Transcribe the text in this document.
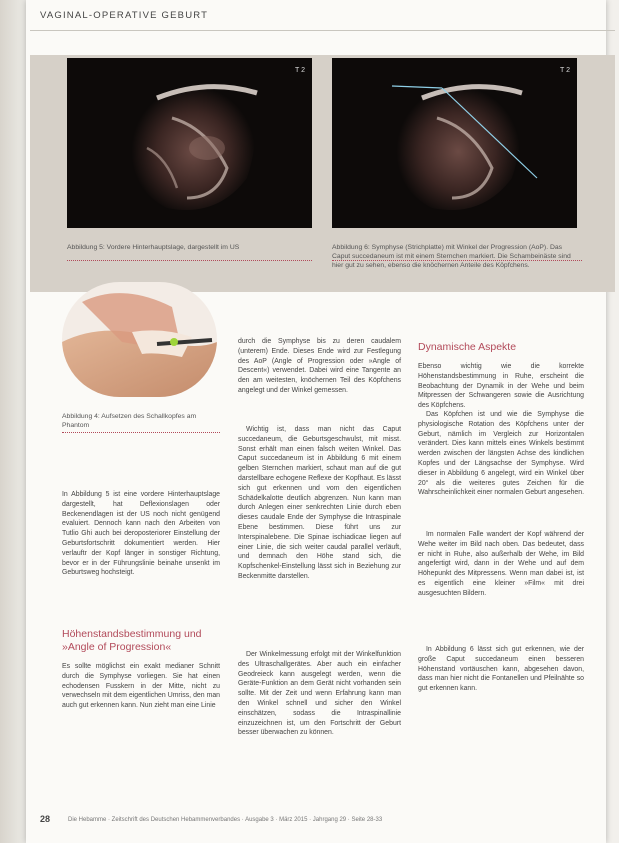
VAGINAL-OPERATIVE GEBURT
T 2	T 2
Abbildung 5: Vordere Hinterhauptslage, dargestellt im US	Abbildung 6: Symphyse (Strichplatte) mit Winkel der Progression (AoP). Das Caput succedaneum ist mit einem Sternchen markiert. Die Schambeinäste sind hier gut zu sehen, ebenso die knöchernen Anteile des Köpfchens.
Abbildung 4: Aufsetzen des Schallkopfes am Phantom
In Abbildung 5 ist eine vordere Hinterhauptslage dargestellt, hat Deflexionslagen oder Beckenendlagen ist der US noch nicht genügend evaluiert. Dennoch kann nach den Arbeiten von Tutlio Ghi auch bei deroposteriorer Einstellung der Geburtsfortschritt dokumentiert werden. Hier verlauftr der Kopf länger in sonstiger Richtung, bevor er in der Führungslinie beinahe unsenkt im Geburtsweg hochsteigt.
Höhenstandsbestimmung und »Angle of Progression«
Es sollte möglichst ein exakt medianer Schnitt durch die Symphyse vorliegen. Sie hat einen echodensen Fusskern in der Mitte, nicht zu verwechseln mit dem eigentlichen Umriss, den man auch gut erkennen kann. Nun zieht man eine Linie
durch die Symphyse bis zu deren caudalem (unterem) Ende. Dieses Ende wird zur Festlegung des AoP (Angle of Progression oder »Angle of Descent«) verwendet. Dabei wird eine Tangente an den am weitesten, knöchernen Teil des Köpfchens angelegt und der Winkel gemessen.
Wichtig ist, dass man nicht das Caput succedaneum, die Geburtsgeschwulst, mit misst. Sonst erhält man einen falsch weiten Winkel. Das Caput succedaneum ist in Abbildung 6 mit einem gelben Sternchen markiert, schaut man auf die gut darstellbare echogene Reflexe der Kopfhaut. Es lässt sich gut erkennen und vom den eigentlichen Schädelkalotte deutlich abgrenzen. Nun kann man durch Anlegen einer senkrechten Linie durch eben dieses caudale Ende der Symphyse die Intraspinale Ebene bestimmen. Diese führt uns zur Interspinalebene. Die Spinae ischiadicae liegen auf einer Linie, die sich weiter caudal parallel verläuft, und demnach den Höhe stand sich, die Kopfschenkel-Einstellung lässt sich in Beziehung zur Beckenmitte darstellen.
Der Winkelmessung erfolgt mit der Winkelfunktion des Ultraschallgerätes. Aber auch ein einfacher Geodreieck kann ausgelegt werden, wenn die Geräte-Funktion an dem Gerät nicht vorhanden sein sollte. Mit der Zeit und wenn Erfahrung kann man den Winkel schnell und sicher den Winkel einschätzen, sodass die Intraspinallinie einzuzeichnen ist, um den Fortschritt der Geburt besser überwachen zu können.
Dynamische Aspekte
Ebenso wichtig wie die korrekte Höhenstandsbestimmung in Ruhe, erscheint die Beobachtung der Dynamik in der Wehe und beim Mitpressen der Schwangeren sowie die Ausrichtung des Köpfchens.
Das Köpfchen ist und wie die Symphyse die physiologische Rotation des Köpfchens unter der Geburt, nämlich im Vergleich zur Horizontalen verändert. Dies kann mittels eines Winkels bestimmt werden zwischen der längsten Achse des kindlichen Kopfes und der Längsachse der Symphyse. Wird dieser in Abbildung 6 angelegt, wird ein Winkel über 20° als die weiteres gutes Zeichen für die Wahrscheinlichkeit einer normalen Geburt angesehen.
Im normalen Falle wandert der Kopf während der Wehe weiter im Bild nach oben. Das bedeutet, dass er nicht in Ruhe, also außerhalb der Wehe, im Bild angefertigt wird, dann in der Wehe und auf dem Höhepunkt des Mitpressens. Wenn man dabei ist, ist es eigentlich eine kleiner »Film« mit drei ausgesuchten Bildern.
In Abbildung 6 lässt sich gut erkennen, wie der große Caput succedaneum einen besseren Höhenstand vortäuschen kann, abgesehen davon, dass man hier nicht die Fontanellen und Pfeilnähte so gut erkennen kann.
28	Die Hebamme · Zeitschrift des Deutschen Hebammenverbandes · Ausgabe 3 · März 2015 · Jahrgang 29 · Seite 28-33
